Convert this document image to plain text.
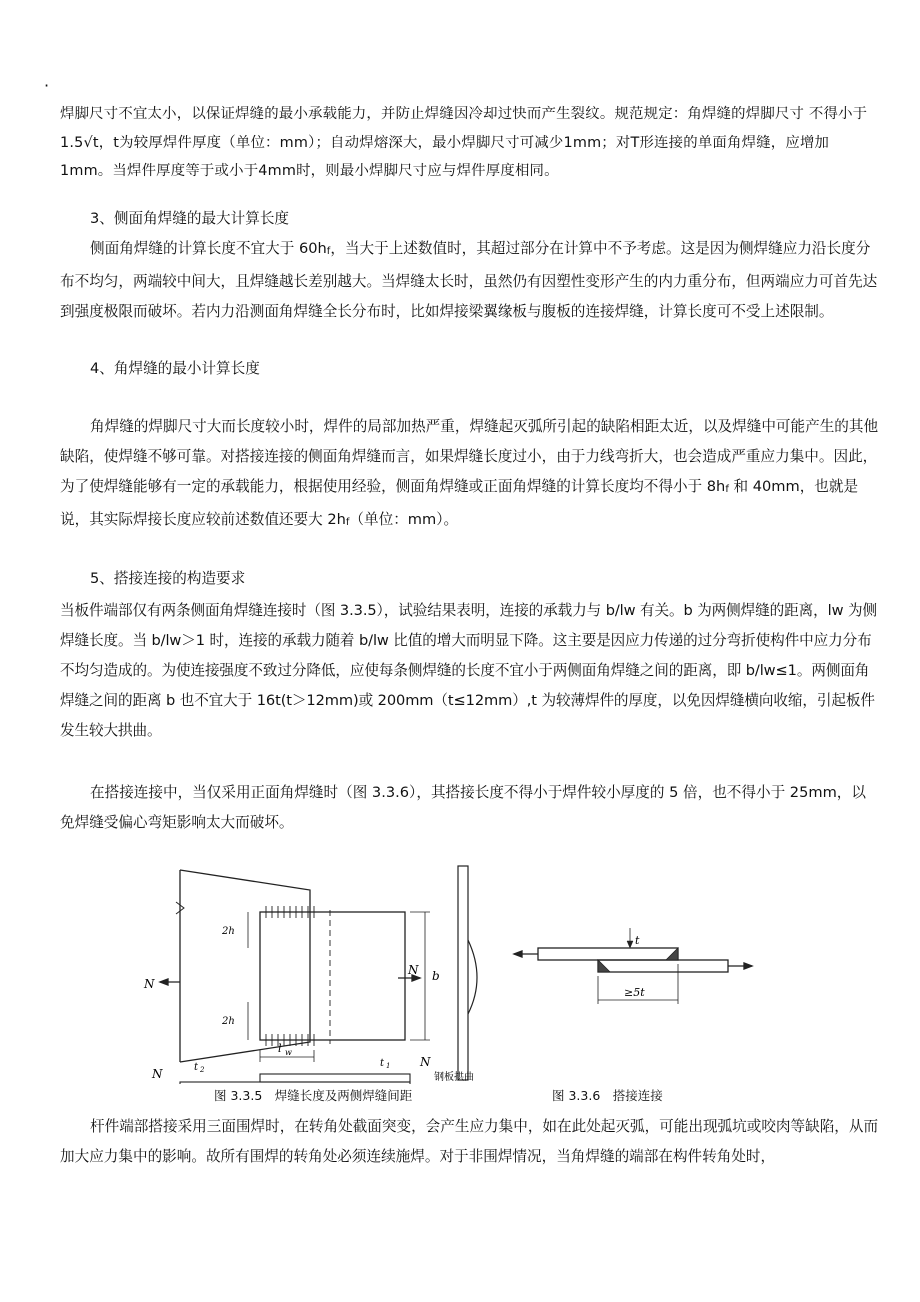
·

焊脚尺寸不宜太小，以保证焊缝的最小承载能力，并防止焊缝因冷却过快而产生裂纹。规范规定：角焊缝的焊脚尺寸 不得小于1.5√t，t为较厚焊件厚度（单位：mm）；自动焊熔深大，最小焊脚尺寸可减少1mm；对T形连接的单面角焊缝，应增加1mm。当焊件厚度等于或小于4mm时，则最小焊脚尺寸应与焊件厚度相同。

3、侧面角焊缝的最大计算长度

侧面角焊缝的计算长度不宜大于 60hf，当大于上述数值时，其超过部分在计算中不予考虑。这是因为侧焊缝应力沿长度分布不均匀，两端较中间大，且焊缝越长差别越大。当焊缝太长时，虽然仍有因塑性变形产生的内力重分布，但两端应力可首先达到强度极限而破坏。若内力沿测面角焊缝全长分布时，比如焊接梁翼缘板与腹板的连接焊缝，计算长度可不受上述限制。

4、角焊缝的最小计算长度

角焊缝的焊脚尺寸大而长度较小时，焊件的局部加热严重，焊缝起灭弧所引起的缺陷相距太近，以及焊缝中可能产生的其他缺陷，使焊缝不够可靠。对搭接连接的侧面角焊缝而言，如果焊缝长度过小，由于力线弯折大，也会造成严重应力集中。因此，为了使焊缝能够有一定的承载能力，根据使用经验，侧面角焊缝或正面角焊缝的计算长度均不得小于 8hf 和 40mm，也就是说，其实际焊接长度应较前述数值还要大 2hf（单位：mm）。

5、搭接连接的构造要求

当板件端部仅有两条侧面角焊缝连接时（图 3.3.5），试验结果表明，连接的承载力与 b/lw 有关。b 为两侧焊缝的距离，lw 为侧焊缝长度。当 b/lw＞1 时，连接的承载力随着 b/lw 比值的增大而明显下降。这主要是因应力传递的过分弯折使构件中应力分布不均匀造成的。为使连接强度不致过分降低，应使每条侧焊缝的长度不宜小于两侧面角焊缝之间的距离，即 b/lw≤1。两侧面角焊缝之间的距离 b 也不宜大于 16t(t＞12mm)或 200mm（t≤12mm）,t 为较薄焊件的厚度，以免因焊缝横向收缩，引起板件发生较大拱曲。

在搭接连接中，当仅采用正面角焊缝时（图 3.3.6），其搭接长度不得小于焊件较小厚度的 5 倍，也不得小于 25mm，以免焊缝受偏心弯矩影响太大而破坏。

N
N b
2h
2h
l w
N
N
t 2
t 1
钢板拱曲
图 3.3.5　焊缝长度及两侧焊缝间距
t
≥5t
图 3.3.6　搭接连接

杆件端部搭接采用三面围焊时，在转角处截面突变，会产生应力集中，如在此处起灭弧，可能出现弧坑或咬肉等缺陷，从而加大应力集中的影响。故所有围焊的转角处必须连续施焊。对于非围焊情况，当角焊缝的端部在构件转角处时，
